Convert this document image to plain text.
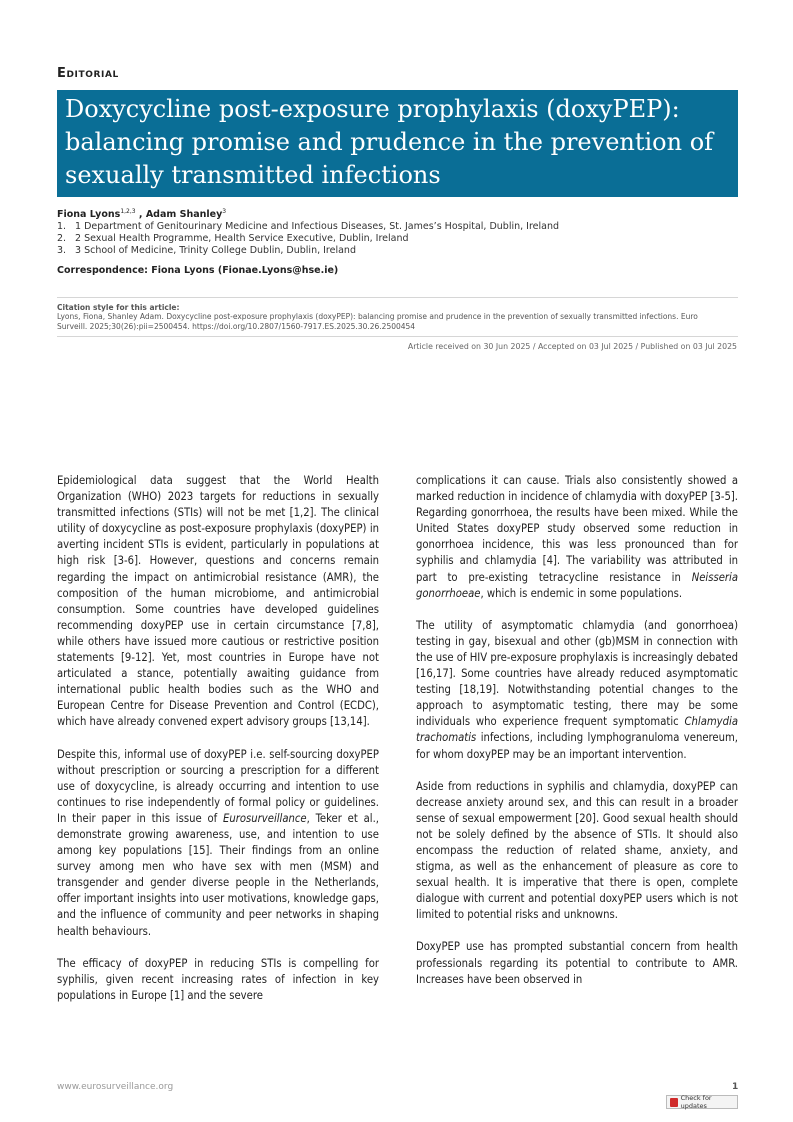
Editorial
Doxycycline post-exposure prophylaxis (doxyPEP): balancing promise and prudence in the prevention of sexually transmitted infections
Fiona Lyons$^{1,2,3}$ , Adam Shanley$^3$
1. 1 Department of Genitourinary Medicine and Infectious Diseases, St. James’s Hospital, Dublin, Ireland
2. 2 Sexual Health Programme, Health Service Executive, Dublin, Ireland
3. 3 School of Medicine, Trinity College Dublin, Dublin, Ireland
Correspondence: Fiona Lyons (Fionae.Lyons@hse.ie)
Citation style for this article:
Lyons, Fiona, Shanley Adam. Doxycycline post-exposure prophylaxis (doxyPEP): balancing promise and prudence in the prevention of sexually transmitted infections. Euro Surveill. 2025;30(26):pii=2500454. https://doi.org/10.2807/1560-7917.ES.2025.30.26.2500454
Article received on 30 Jun 2025 / Accepted on 03 Jul 2025 / Published on 03 Jul 2025

Epidemiological data suggest that the World Health Organization (WHO) 2023 targets for reductions in sexually transmitted infections (STIs) will not be met [1,2]. The clinical utility of doxycycline as post-exposure prophylaxis (doxyPEP) in averting incident STIs is evident, particularly in populations at high risk [3-6]. However, questions and concerns remain regarding the impact on antimicrobial resistance (AMR), the composition of the human microbiome, and antimicrobial consumption. Some countries have developed guidelines recommending doxyPEP use in certain circumstance [7,8], while others have issued more cautious or restrictive position statements [9-12]. Yet, most countries in Europe have not articulated a stance, potentially awaiting guidance from international public health bodies such as the WHO and European Centre for Disease Prevention and Control (ECDC), which have already convened expert advisory groups [13,14].

Despite this, informal use of doxyPEP i.e. self-sourcing doxyPEP without prescription or sourcing a prescription for a different use of doxycycline, is already occurring and intention to use continues to rise independently of formal policy or guidelines. In their paper in this issue of Eurosurveillance, Teker et al., demonstrate growing awareness, use, and intention to use among key populations [15]. Their findings from an online survey among men who have sex with men (MSM) and transgender and gender diverse people in the Netherlands, offer important insights into user motivations, knowledge gaps, and the influence of community and peer networks in shaping health behaviours.

The efficacy of doxyPEP in reducing STIs is compelling for syphilis, given recent increasing rates of infection in key populations in Europe [1] and the severe

complications it can cause. Trials also consistently showed a marked reduction in incidence of chlamydia with doxyPEP [3-5]. Regarding gonorrhoea, the results have been mixed. While the United States doxyPEP study observed some reduction in gonorrhoea incidence, this was less pronounced than for syphilis and chlamydia [4]. The variability was attributed in part to pre-existing tetracycline resistance in Neisseria gonorrhoeae, which is endemic in some populations.

The utility of asymptomatic chlamydia (and gonorrhoea) testing in gay, bisexual and other (gb)MSM in connection with the use of HIV pre-exposure prophylaxis is increasingly debated [16,17]. Some countries have already reduced asymptomatic testing [18,19]. Notwithstanding potential changes to the approach to asymptomatic testing, there may be some individuals who experience frequent symptomatic Chlamydia trachomatis infections, including lymphogranuloma venereum, for whom doxyPEP may be an important intervention.

Aside from reductions in syphilis and chlamydia, doxyPEP can decrease anxiety around sex, and this can result in a broader sense of sexual empowerment [20]. Good sexual health should not be solely defined by the absence of STIs. It should also encompass the reduction of related shame, anxiety, and stigma, as well as the enhancement of pleasure as core to sexual health. It is imperative that there is open, complete dialogue with current and potential doxyPEP users which is not limited to potential risks and unknowns.

DoxyPEP use has prompted substantial concern from health professionals regarding its potential to contribute to AMR. Increases have been observed in

www.eurosurveillance.org	1
Check for updates
